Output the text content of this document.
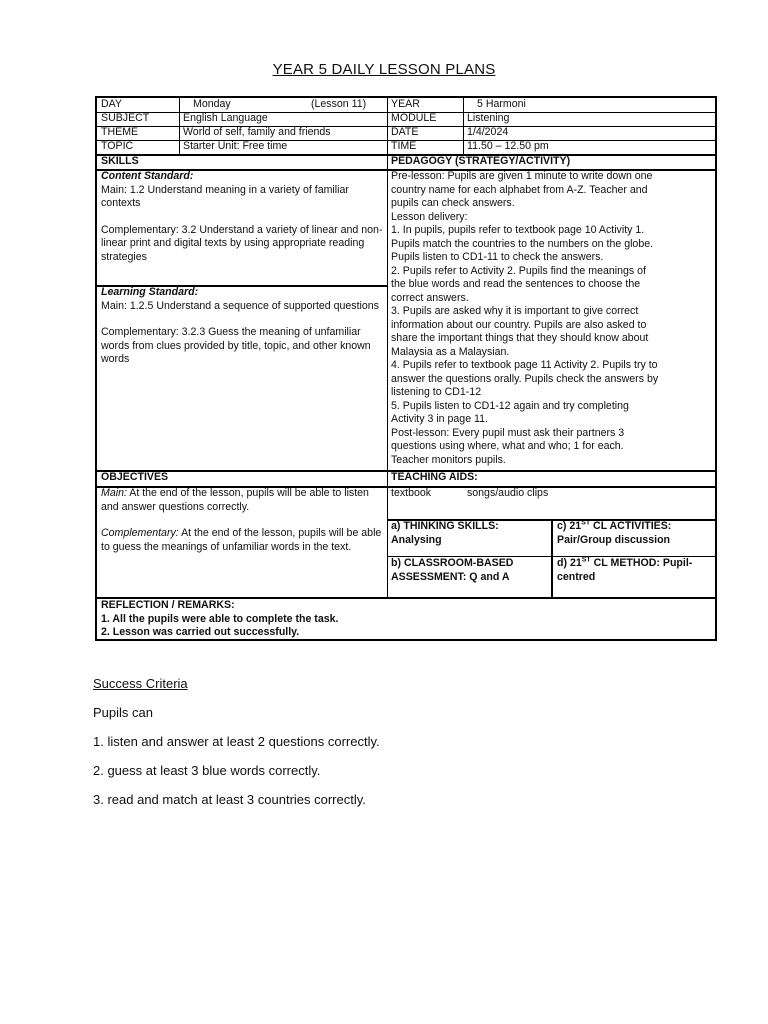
YEAR 5 DAILY LESSON PLANS
DAY	Monday	(Lesson 11)	YEAR	5 Harmoni
SUBJECT	English Language	MODULE	Listening
THEME	World of self, family and friends	DATE	1/4/2024
TOPIC	Starter Unit: Free time	TIME	11.50 – 12.50 pm
SKILLS	PEDAGOGY (STRATEGY/ACTIVITY)
Content Standard:
Main: 1.2 Understand meaning in a variety of familiar contexts
Complementary: 3.2 Understand a variety of linear and non-linear print and digital texts by using appropriate reading strategies
Learning Standard:
Main: 1.2.5 Understand a sequence of supported questions
Complementary: 3.2.3 Guess the meaning of unfamiliar words from clues provided by title, topic, and other known words
Pre-lesson: Pupils are given 1 minute to write down one
country name for each alphabet from A-Z. Teacher and
pupils can check answers.
Lesson delivery:
1. In pupils, pupils refer to textbook page 10 Activity 1.
Pupils match the countries to the numbers on the globe.
Pupils listen to CD1-11 to check the answers.
2. Pupils refer to Activity 2. Pupils find the meanings of
the blue words and read the sentences to choose the
correct answers.
3. Pupils are asked why it is important to give correct
information about our country. Pupils are also asked to
share the important things that they should know about
Malaysia as a Malaysian.
4. Pupils refer to textbook page 11 Activity 2. Pupils try to
answer the questions orally. Pupils check the answers by
listening to CD1-12
5. Pupils listen to CD1-12 again and try completing
Activity 3 in page 11.
Post-lesson: Every pupil must ask their partners 3
questions using where, what and who; 1 for each.
Teacher monitors pupils.
OBJECTIVES	TEACHING AIDS:
Main: At the end of the lesson, pupils will be able to listen and answer questions correctly.
Complementary: At the end of the lesson, pupils will be able to guess the meanings of unfamiliar words in the text.
textbook	songs/audio clips
a) THINKING SKILLS:
Analysing
c) 21ST CL ACTIVITIES:
Pair/Group discussion
b) CLASSROOM-BASED
ASSESSMENT: Q and A
d) 21ST CL METHOD: Pupil-
centred
REFLECTION / REMARKS:
1. All the pupils were able to complete the task.
2. Lesson was carried out successfully.
Success Criteria
Pupils can
1. listen and answer at least 2 questions correctly.
2. guess at least 3 blue words correctly.
3. read and match at least 3 countries correctly.
